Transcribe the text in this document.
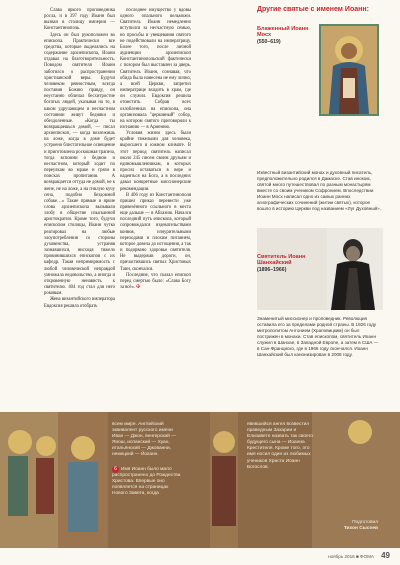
Слава яркого проповедника росла, и в 397 году Иоанн был вызван в столицу империи — Константинополь.

Здесь он был рукоположен во епископа. Практически все средства, которые выделялись на содержание архиепископа, Иоанн отдавал на благотворительность. Поводом святителя Иоанн заботился о распространении христианской веры. Будучи человеком ревностным, всегда поставив Божию правду, он неустанно обличал бесхитростие богатых людей, указывая на то, в каком удручающем и несчастном состоянии живут бедняки и обездоленные. «Когда ты возвращаешься домой, — писал архиепископ, — когда возлежишь на ложе, когда в доме будет устроено блистательное освещение и приготовлена роскошная трапеза, тогда вспомни о бедном и несчастном, который ходит по переулкам во мраке и грязи в поисках пропитания. А возвращается оттуда не домой, не к жене, не на ложе, а на гнилую кучу сена, подобно бездомной собаке…» Такие прямые и яркие слова архиепископа вызывали злобу в обществе изысканной аристократии. Кроме того, будучи епископом столицы, Иоанн чутко реагировал на любые злоупотребления со стороны духовенства, устраняя зазнавшихся, нисходя тяжело провинившихся епископов с их кафедр. Такая непримиримость с любой человеческой неправдой умножала недовольство, а иногда и откровенную ненависть к святителю. 404 год стал для него роковым.

Жена византийского императора Евдоксия решила отобрать

последнее имущество у вдовы одного опального вельможи. Святитель Иоанн немедленно вступился за несчастную семью, но просьбы и увещевания святого не подействовали на императрицу. Более того, после личной аудиенции архиепископ Константинопольский фактически с позором был выставлен за дверь. Святитель Иоанн, сознавая, что обида была нанесена не ему лично, а всей Церкви, запретил императрице входить в храм, где он служил. Евдоксия решила отомстить. Собрав всех озлобленных на епископа, она организовала "церковный" собор, на котором святого приговорили к изгнанию — в Армению.

Условия жизни здесь были крайне тяжелыми для человека, выросшего в южном климате. В этот период святитель написал около 245 писем своим друзьям и единомышленникам, в которых просил оставаться в вере и надеяться на Бога, а в последних давал конкретные миссионерские рекомендации.

В 406 году из Константинополя пришел приказ перевести уже привезённого ссыльного в места еще дальше — в Абхазию. Начался последний путь епископа, который сопровождался издевательствами конвоя, изнурительными переходами и плохим питанием, которое довела до истощения, а так и подорвано здоровье святителя. Не выдержав дороги, он, причастившись святых Христовых Таин, скончался.

Последние, что сказал епископ перед смертью было: «Слава Богу за всё». ✠

Другие святые с именем Иоанн:
Блаженный Иоанн Мосх
(550–619)

Известный византийский монах и духовный писатель, предположительно родился в Дамаске. Став иноком, святой много путешествовал по разным монастырям вместе со своим учеником Софронием. Впоследствии Иоанн Мосх написал одно из самых ранних агиографических сочинений (житии святых), которое вошло в историю Церкви под названием «Луг Духовный».

Святитель Иоанн Шанхайский
(1896–1966)

Знаменитый миссионер и проповедник. Революция оставила его за пределами родной страны. В 1926 году митрополитом Антонием (Храповицким) он был пострижен в монахи. Став епископом, святитель Иоанн служил в Шанхае, в Западной Европе, а затем в США — в Сан-Франциско, где в 1966 году скончался. Иоанн Шанхайский был канонизирован в 2008 году.

всем мире. Английский эквивалент русского имени Иван — Джон, венгерский — Янош, испанский — Хуан, итальянский — Джованни, немецкий — Йоханн.
6 Имя Иоанн было мало распространено до Рождества Христова. Впервые оно появляется на страницах Нового Завета, когда
явившийся ангел возвестил праведным Захарии и Елизавете назвать так своего будущего сына — Иоанна Крестителя. Кроме того, это имя носил один из любимых учеников Христа Иоанн Богослов.
Подготовил
Тихон Сысоев
ноябрь 2016 ■ ФОМА 49
